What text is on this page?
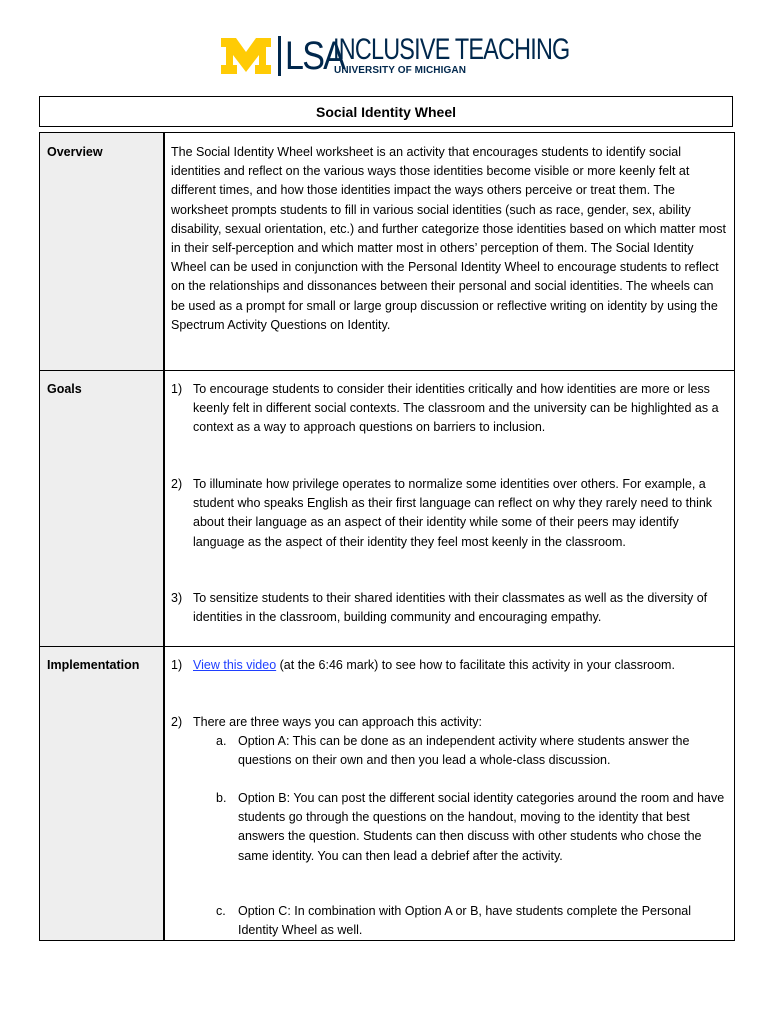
LSA
INCLUSIVE TEACHING
UNIVERSITY OF MICHIGAN
Social Identity Wheel
Overview	The Social Identity Wheel worksheet is an activity that encourages students to identify social identities and reflect on the various ways those identities become visible or more keenly felt at different times, and how those identities impact the ways others perceive or treat them. The worksheet prompts students to fill in various social identities (such as race, gender, sex, ability disability, sexual orientation, etc.) and further categorize those identities based on which matter most in their self-perception and which matter most in others’ perception of them. The Social Identity Wheel can be used in conjunction with the Personal Identity Wheel to encourage students to reflect on the relationships and dissonances between their personal and social identities. The wheels can be used as a prompt for small or large group discussion or reflective writing on identity by using the Spectrum Activity Questions on Identity.
Goals	1) To encourage students to consider their identities critically and how identities are more or less keenly felt in different social contexts. The classroom and the university can be highlighted as a context as a way to approach questions on barriers to inclusion.
2) To illuminate how privilege operates to normalize some identities over others. For example, a student who speaks English as their first language can reflect on why they rarely need to think about their language as an aspect of their identity while some of their peers may identify language as the aspect of their identity they feel most keenly in the classroom.
3) To sensitize students to their shared identities with their classmates as well as the diversity of identities in the classroom, building community and encouraging empathy.
Implementation	1) View this video (at the 6:46 mark) to see how to facilitate this activity in your classroom.
2) There are three ways you can approach this activity:
a. Option A: This can be done as an independent activity where students answer the questions on their own and then you lead a whole-class discussion.
b. Option B: You can post the different social identity categories around the room and have students go through the questions on the handout, moving to the identity that best answers the question. Students can then discuss with other students who chose the same identity. You can then lead a debrief after the activity.
c. Option C: In combination with Option A or B, have students complete the Personal Identity Wheel as well.
